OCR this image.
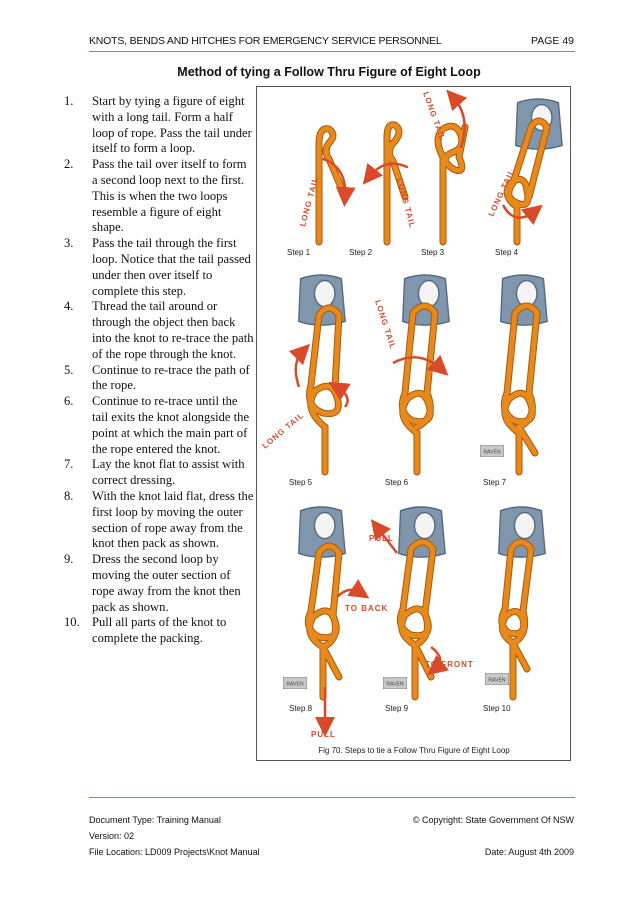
KNOTS, BENDS AND HITCHES FOR EMERGENCY SERVICE PERSONNEL	PAGE 49
Method of tying a Follow Thru Figure of Eight Loop
1.	Start by tying a figure of eight with a long tail. Form a half loop of rope. Pass the tail under itself to form a loop.
2.	Pass the tail over itself to form a second loop next to the first. This is when the two loops resemble a figure of eight shape.
3.	Pass the tail through the first loop. Notice that the tail passed under then over itself to complete this step.
4.	Thread the tail around or through the object then back into the knot to re-trace the path of the rope through the knot.
5.	Continue to re-trace the path of the rope.
6.	Continue to re-trace until the tail exits the knot alongside the point at which the main part of the rope entered the knot.
7.	Lay the knot flat to assist with correct dressing.
8.	With the knot laid flat, dress the first loop by moving the outer section of rope away from the knot then pack as shown.
9.	Dress the second loop by moving the outer section of rope away from the knot then pack as shown.
10. Pull all parts of the knot to complete the packing.
LONG TAIL	LONG TAIL
LONG TAIL
LONG TAIL
LONG TAIL
LONG TAIL
PULL
TO BACK
TO FRONT
PULL
Step 1	Step 2	Step 3	Step 4
Step 5	Step 6	Step 7
Step 8	Step 9	Step 10
Fig 70. Steps to tie a Follow Thru Figure of Eight Loop
Document Type: Training Manual	© Copyright: State Government Of NSW
Version: 02
File Location: LD009 Projects\Knot Manual	Date: August 4th 2009
